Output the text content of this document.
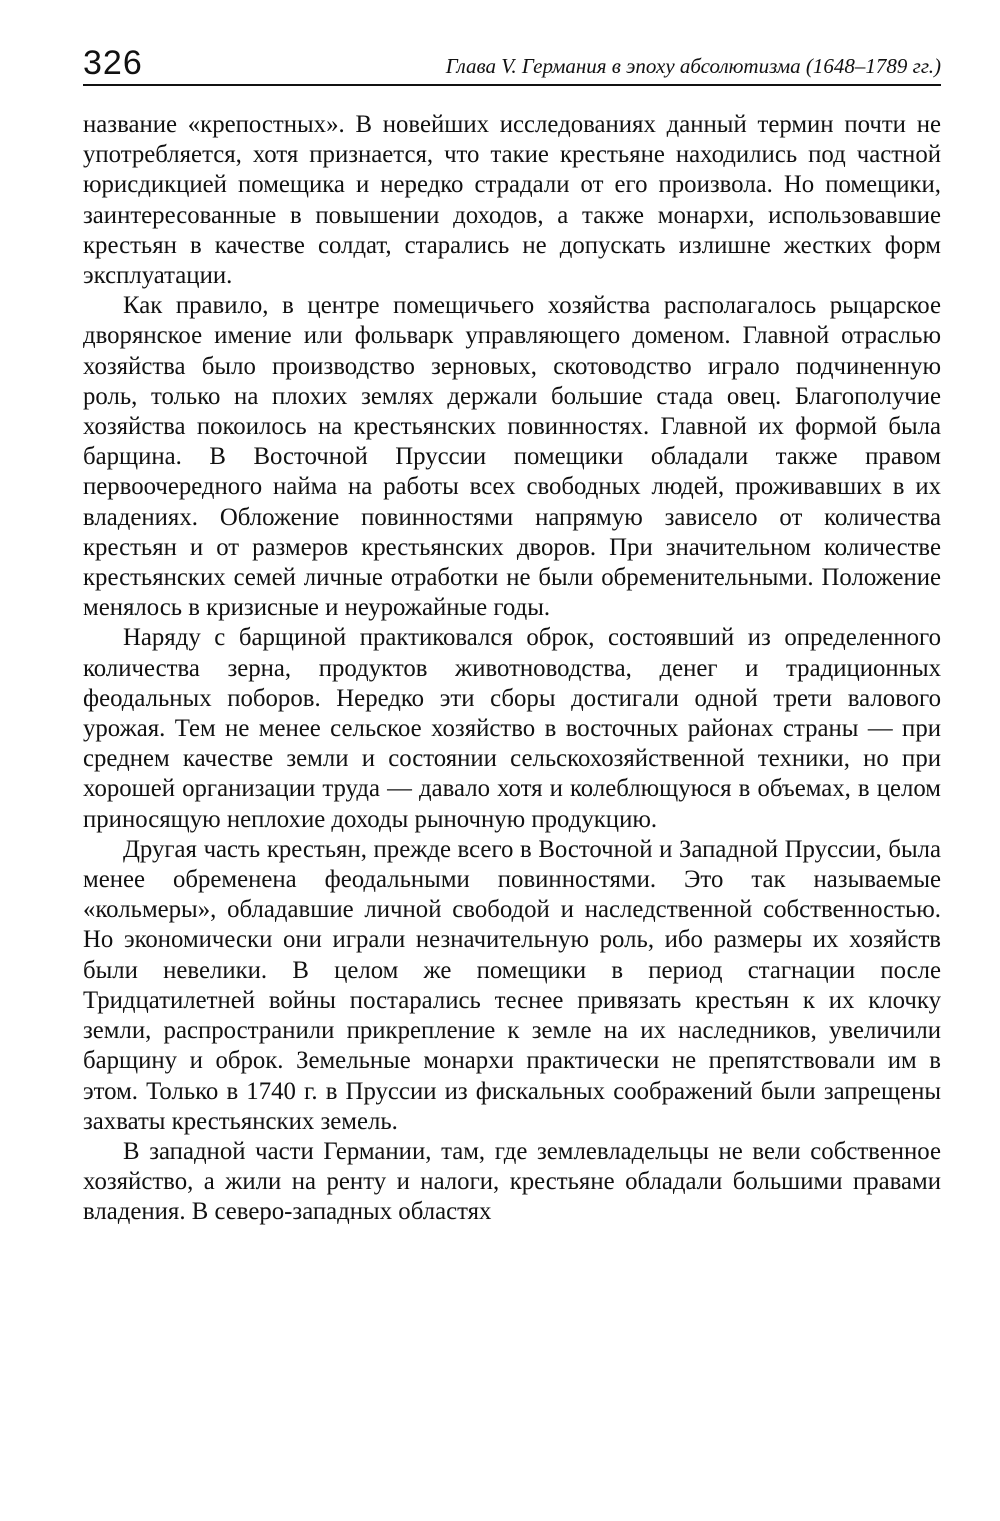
326	Глава V. Германия в эпоху абсолютизма (1648–1789 гг.)

название «крепостных». В новейших исследованиях данный термин почти не употребляется, хотя признается, что такие крестьяне находились под частной юрисдикцией помещика и нередко страдали от его произвола. Но помещики, заинтересованные в повышении доходов, а также монархи, использовавшие крестьян в качестве солдат, старались не допускать излишне жестких форм эксплуатации.

Как правило, в центре помещичьего хозяйства располагалось рыцарское дворянское имение или фольварк управляющего доменом. Главной отраслью хозяйства было производство зерновых, скотоводство играло подчиненную роль, только на плохих землях держали большие стада овец. Благополучие хозяйства покоилось на крестьянских повинностях. Главной их формой была барщина. В Восточной Пруссии помещики обладали также правом первоочередного найма на работы всех свободных людей, проживавших в их владениях. Обложение повинностями напрямую зависело от количества крестьян и от размеров крестьянских дворов. При значительном количестве крестьянских семей личные отработки не были обременительными. Положение менялось в кризисные и неурожайные годы.

Наряду с барщиной практиковался оброк, состоявший из определенного количества зерна, продуктов животноводства, денег и традиционных феодальных поборов. Нередко эти сборы достигали одной трети валового урожая. Тем не менее сельское хозяйство в восточных районах страны — при среднем качестве земли и состоянии сельскохозяйственной техники, но при хорошей организации труда — давало хотя и колеблющуюся в объемах, в целом приносящую неплохие доходы рыночную продукцию.

Другая часть крестьян, прежде всего в Восточной и Западной Пруссии, была менее обременена феодальными повинностями. Это так называемые «кольмеры», обладавшие личной свободой и наследственной собственностью. Но экономически они играли незначительную роль, ибо размеры их хозяйств были невелики. В целом же помещики в период стагнации после Тридцатилетней войны постарались теснее привязать крестьян к их клочку земли, распространили прикрепление к земле на их наследников, увеличили барщину и оброк. Земельные монархи практически не препятствовали им в этом. Только в 1740 г. в Пруссии из фискальных соображений были запрещены захваты крестьянских земель.

В западной части Германии, там, где землевладельцы не вели собственное хозяйство, а жили на ренту и налоги, крестьяне обладали большими правами владения. В северо-западных областях
